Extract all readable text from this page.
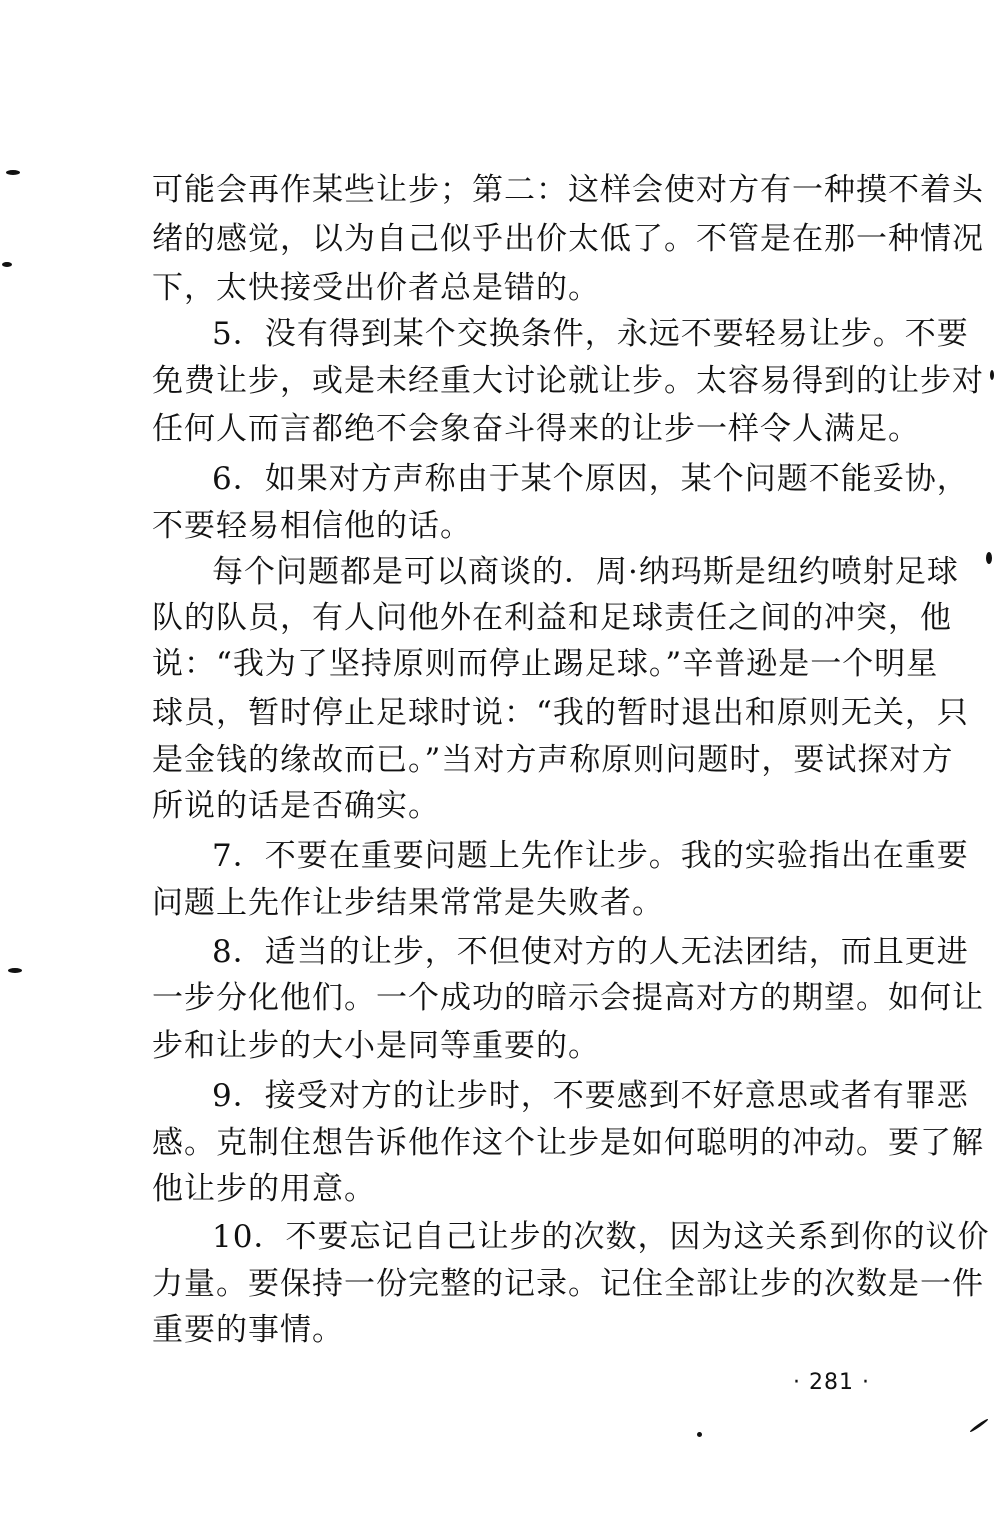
可能会再作某些让步；第二：这样会使对方有一种摸不着头
绪的感觉，以为自己似乎出价太低了。不管是在那一种情况
下，太快接受出价者总是错的。
5．没有得到某个交换条件，永远不要轻易让步。不要
免费让步，或是未经重大讨论就让步。太容易得到的让步对
任何人而言都绝不会象奋斗得来的让步一样令人满足。
6．如果对方声称由于某个原因，某个问题不能妥协，
不要轻易相信他的话。
每个问题都是可以商谈的．周·纳玛斯是纽约喷射足球
队的队员，有人问他外在利益和足球责任之间的冲突，他
说：“我为了坚持原则而停止踢足球。”辛普逊是一个明星
球员，暂时停止足球时说：“我的暂时退出和原则无关，只
是金钱的缘故而已。”当对方声称原则问题时，要试探对方
所说的话是否确实。
7．不要在重要问题上先作让步。我的实验指出在重要
问题上先作让步结果常常是失败者。
8．适当的让步，不但使对方的人无法团结，而且更进
一步分化他们。一个成功的暗示会提高对方的期望。如何让
步和让步的大小是同等重要的。
9．接受对方的让步时，不要感到不好意思或者有罪恶
感。克制住想告诉他作这个让步是如何聪明的冲动。要了解
他让步的用意。
10．不要忘记自己让步的次数，因为这关系到你的议价
力量。要保持一份完整的记录。记住全部让步的次数是一件
重要的事情。
· 281 ·
